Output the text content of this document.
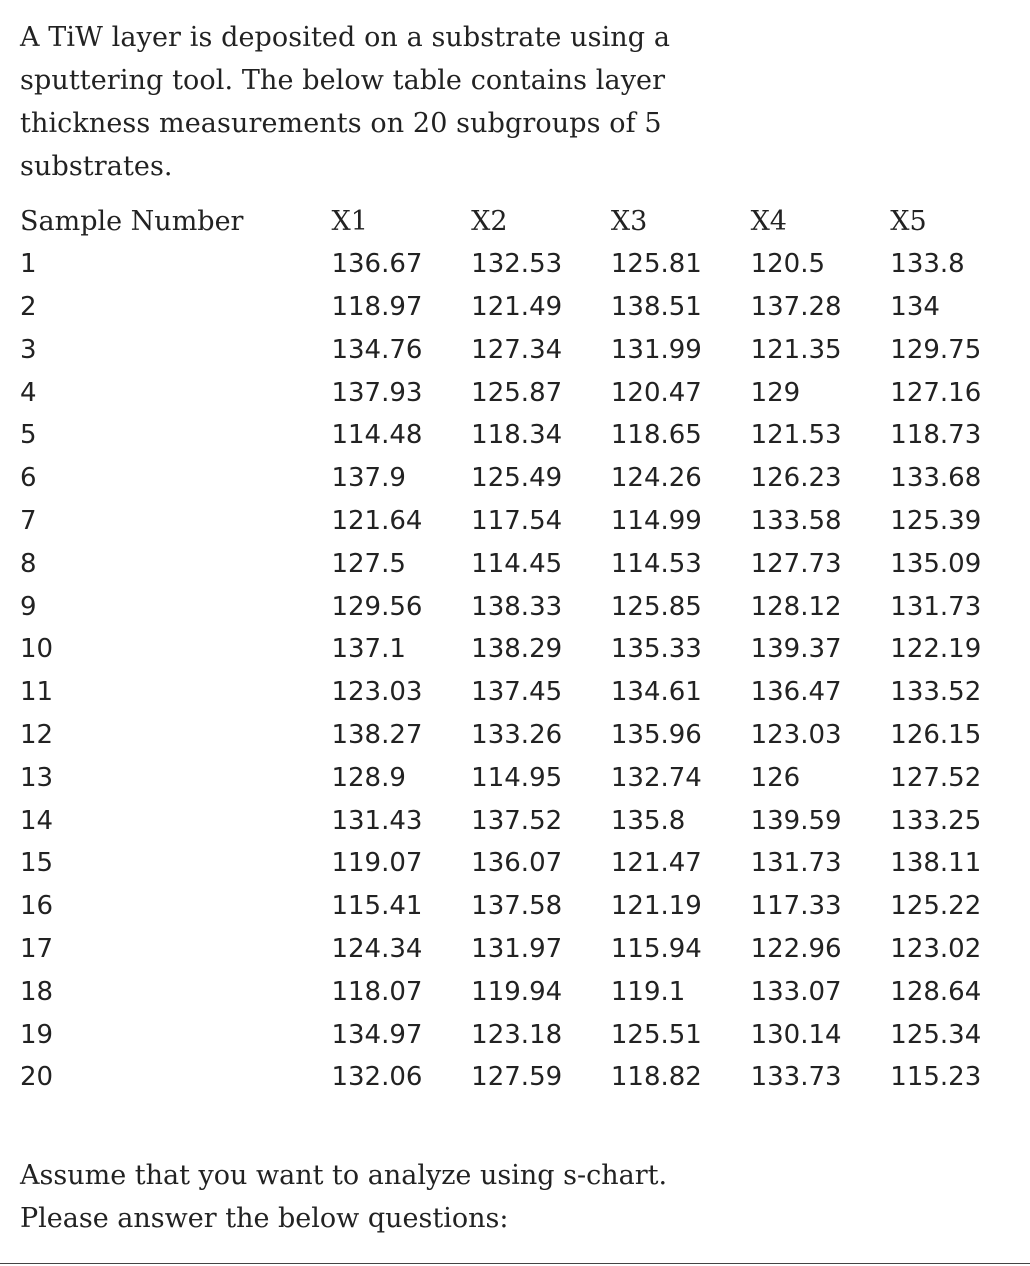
A TiW layer is deposited on a substrate using a sputtering tool. The below table contains layer thickness measurements on 20 subgroups of 5 substrates.

Sample Number	X1	X2	X3	X4	X5
1	136.67	132.53	125.81	120.5	133.8
2	118.97	121.49	138.51	137.28	134
3	134.76	127.34	131.99	121.35	129.75
4	137.93	125.87	120.47	129	127.16
5	114.48	118.34	118.65	121.53	118.73
6	137.9	125.49	124.26	126.23	133.68
7	121.64	117.54	114.99	133.58	125.39
8	127.5	114.45	114.53	127.73	135.09
9	129.56	138.33	125.85	128.12	131.73
10	137.1	138.29	135.33	139.37	122.19
11	123.03	137.45	134.61	136.47	133.52
12	138.27	133.26	135.96	123.03	126.15
13	128.9	114.95	132.74	126	127.52
14	131.43	137.52	135.8	139.59	133.25
15	119.07	136.07	121.47	131.73	138.11
16	115.41	137.58	121.19	117.33	125.22
17	124.34	131.97	115.94	122.96	123.02
18	118.07	119.94	119.1	133.07	128.64
19	134.97	123.18	125.51	130.14	125.34
20	132.06	127.59	118.82	133.73	115.23

Assume that you want to analyze using s-chart.
Please answer the below questions:
